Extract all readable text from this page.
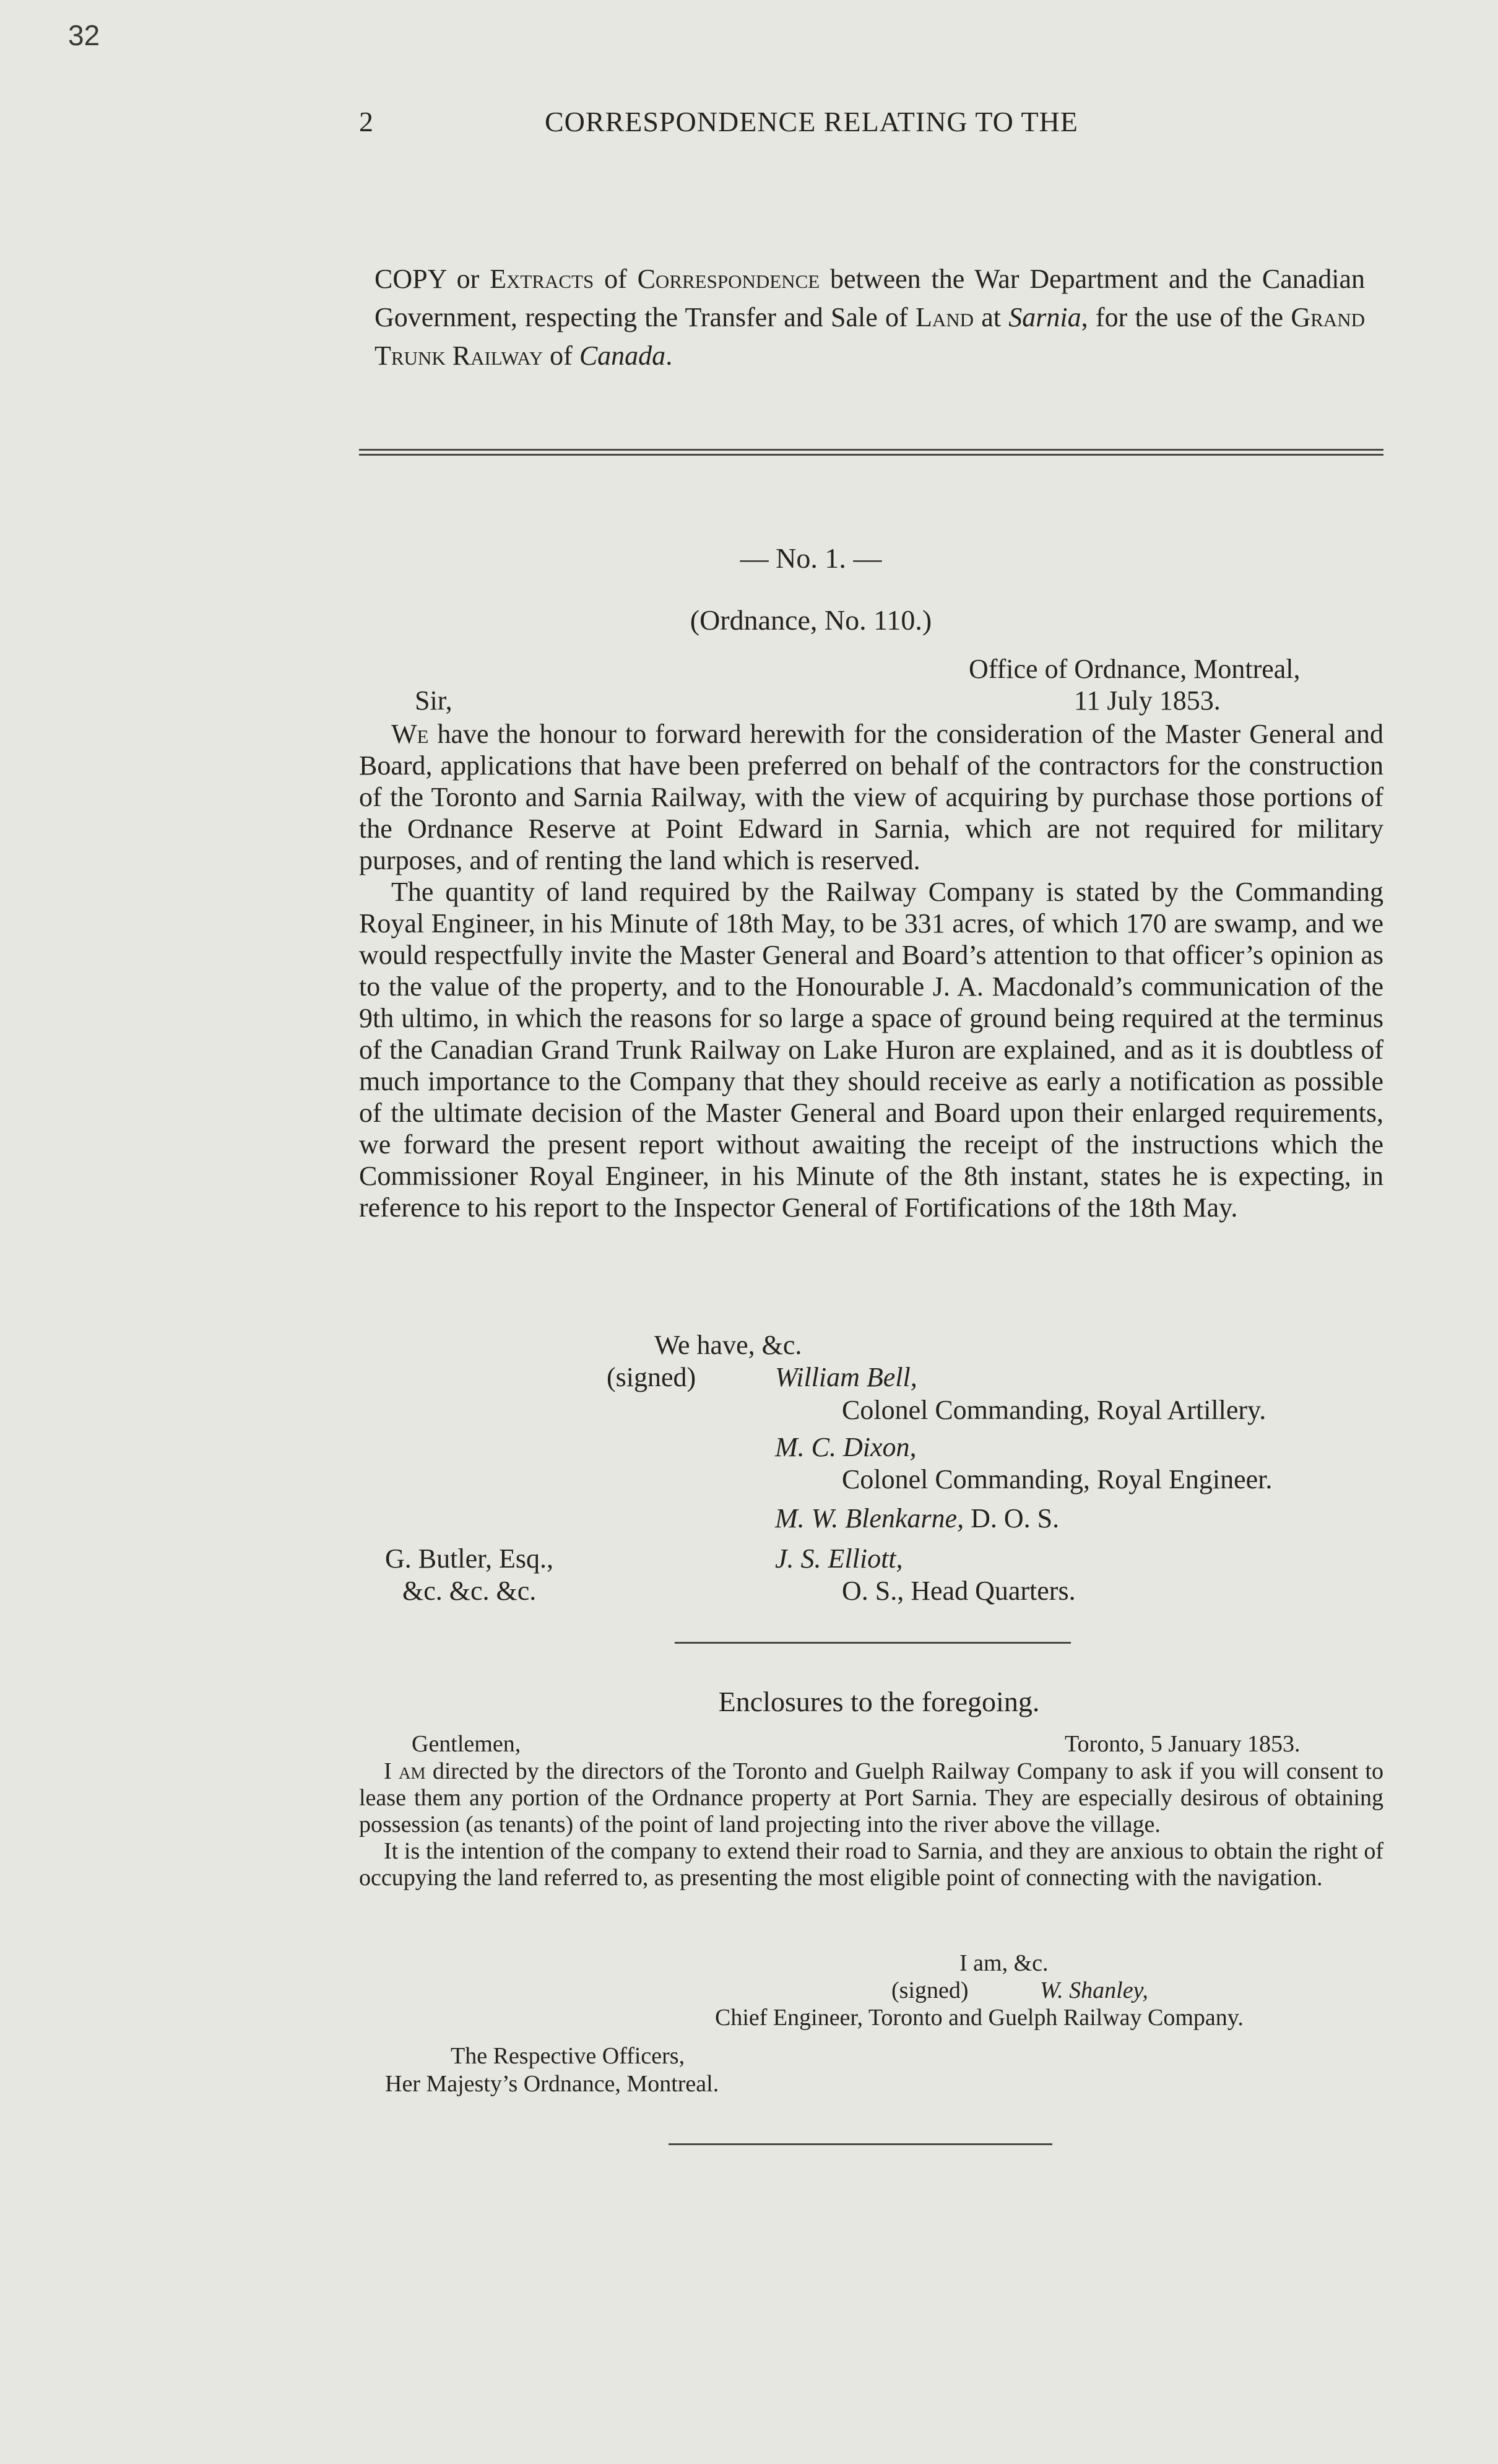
32
2	CORRESPONDENCE RELATING TO THE
COPY or Extracts of Correspondence between the War Department and the Canadian Government, respecting the Transfer and Sale of Land at Sarnia, for the use of the Grand Trunk Railway of Canada.
— No. 1. —
(Ordnance, No. 110.)
Office of Ordnance, Montreal,
11 July 1853.
Sir,

We have the honour to forward herewith for the consideration of the Master General and Board, applications that have been preferred on behalf of the contractors for the construction of the Toronto and Sarnia Railway, with the view of acquiring by purchase those portions of the Ordnance Reserve at Point Edward in Sarnia, which are not required for military purposes, and of renting the land which is reserved.

The quantity of land required by the Railway Company is stated by the Commanding Royal Engineer, in his Minute of 18th May, to be 331 acres, of which 170 are swamp, and we would respectfully invite the Master General and Board’s attention to that officer’s opinion as to the value of the property, and to the Honourable J. A. Macdonald’s communication of the 9th ultimo, in which the reasons for so large a space of ground being required at the terminus of the Canadian Grand Trunk Railway on Lake Huron are explained, and as it is doubtless of much importance to the Company that they should receive as early a notification as possible of the ultimate decision of the Master General and Board upon their enlarged requirements, we forward the present report without awaiting the receipt of the instructions which the Commissioner Royal Engineer, in his Minute of the 8th instant, states he is expecting, in reference to his report to the Inspector General of Fortifications of the 18th May.

We have, &c.
(signed)	William Bell,
Colonel Commanding, Royal Artillery.
M. C. Dixon,
Colonel Commanding, Royal Engineer.
M. W. Blenkarne, D. O. S.
J. S. Elliott,
O. S., Head Quarters.
G. Butler, Esq.,
&c. &c. &c.
Enclosures to the foregoing.
Gentlemen,	Toronto, 5 January 1853.

I am directed by the directors of the Toronto and Guelph Railway Company to ask if you will consent to lease them any portion of the Ordnance property at Port Sarnia. They are especially desirous of obtaining possession (as tenants) of the point of land projecting into the river above the village.

It is the intention of the company to extend their road to Sarnia, and they are anxious to obtain the right of occupying the land referred to, as presenting the most eligible point of connecting with the navigation.

I am, &c.
(signed)	W. Shanley,
Chief Engineer, Toronto and Guelph Railway Company.
The Respective Officers,
Her Majesty’s Ordnance, Montreal.
